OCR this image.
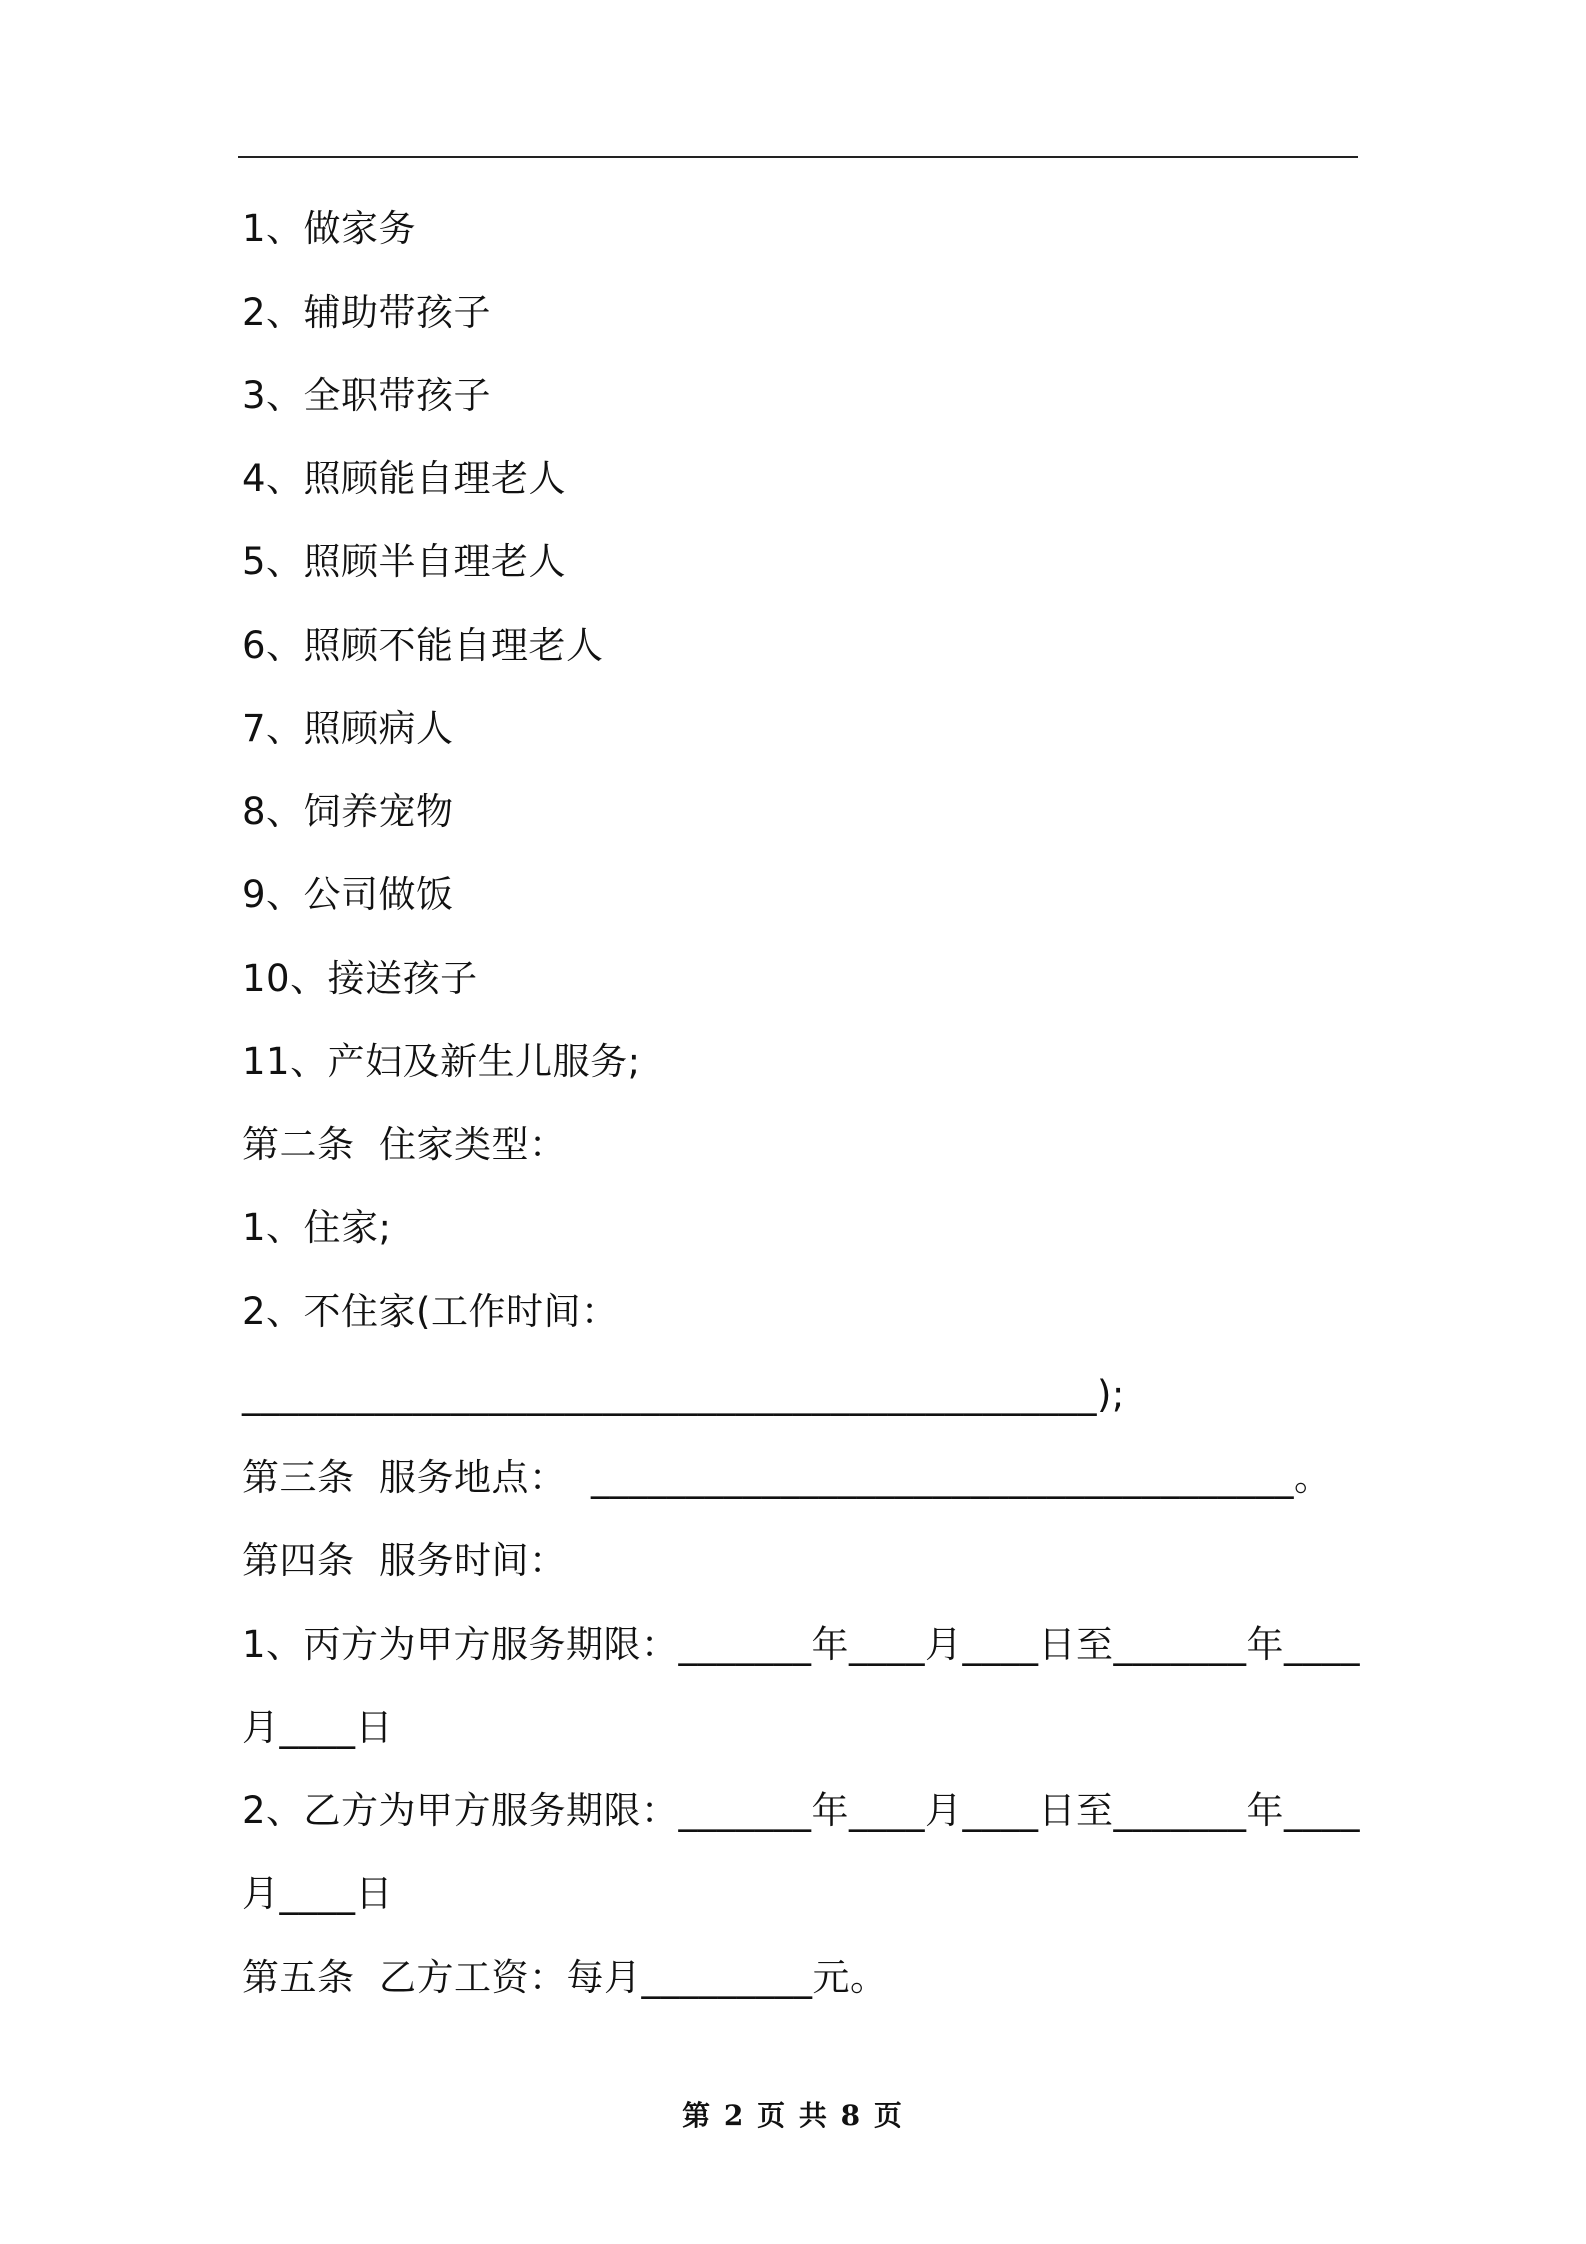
1、做家务
2、辅助带孩子
3、全职带孩子
4、照顾能自理老人
5、照顾半自理老人
6、照顾不能自理老人
7、照顾病人
8、饲养宠物
9、公司做饭
10、接送孩子
11、产妇及新生儿服务;
第二条  住家类型：
1、住家;
2、不住家(工作时间：
_____________________________________________);
第三条  服务地点：  _____________________________________。
第四条  服务时间：
1、丙方为甲方服务期限：_______年____月____日至_______年____
月____日
2、乙方为甲方服务期限：_______年____月____日至_______年____
月____日
第五条  乙方工资：每月_________元。
第 2 页 共 8 页
